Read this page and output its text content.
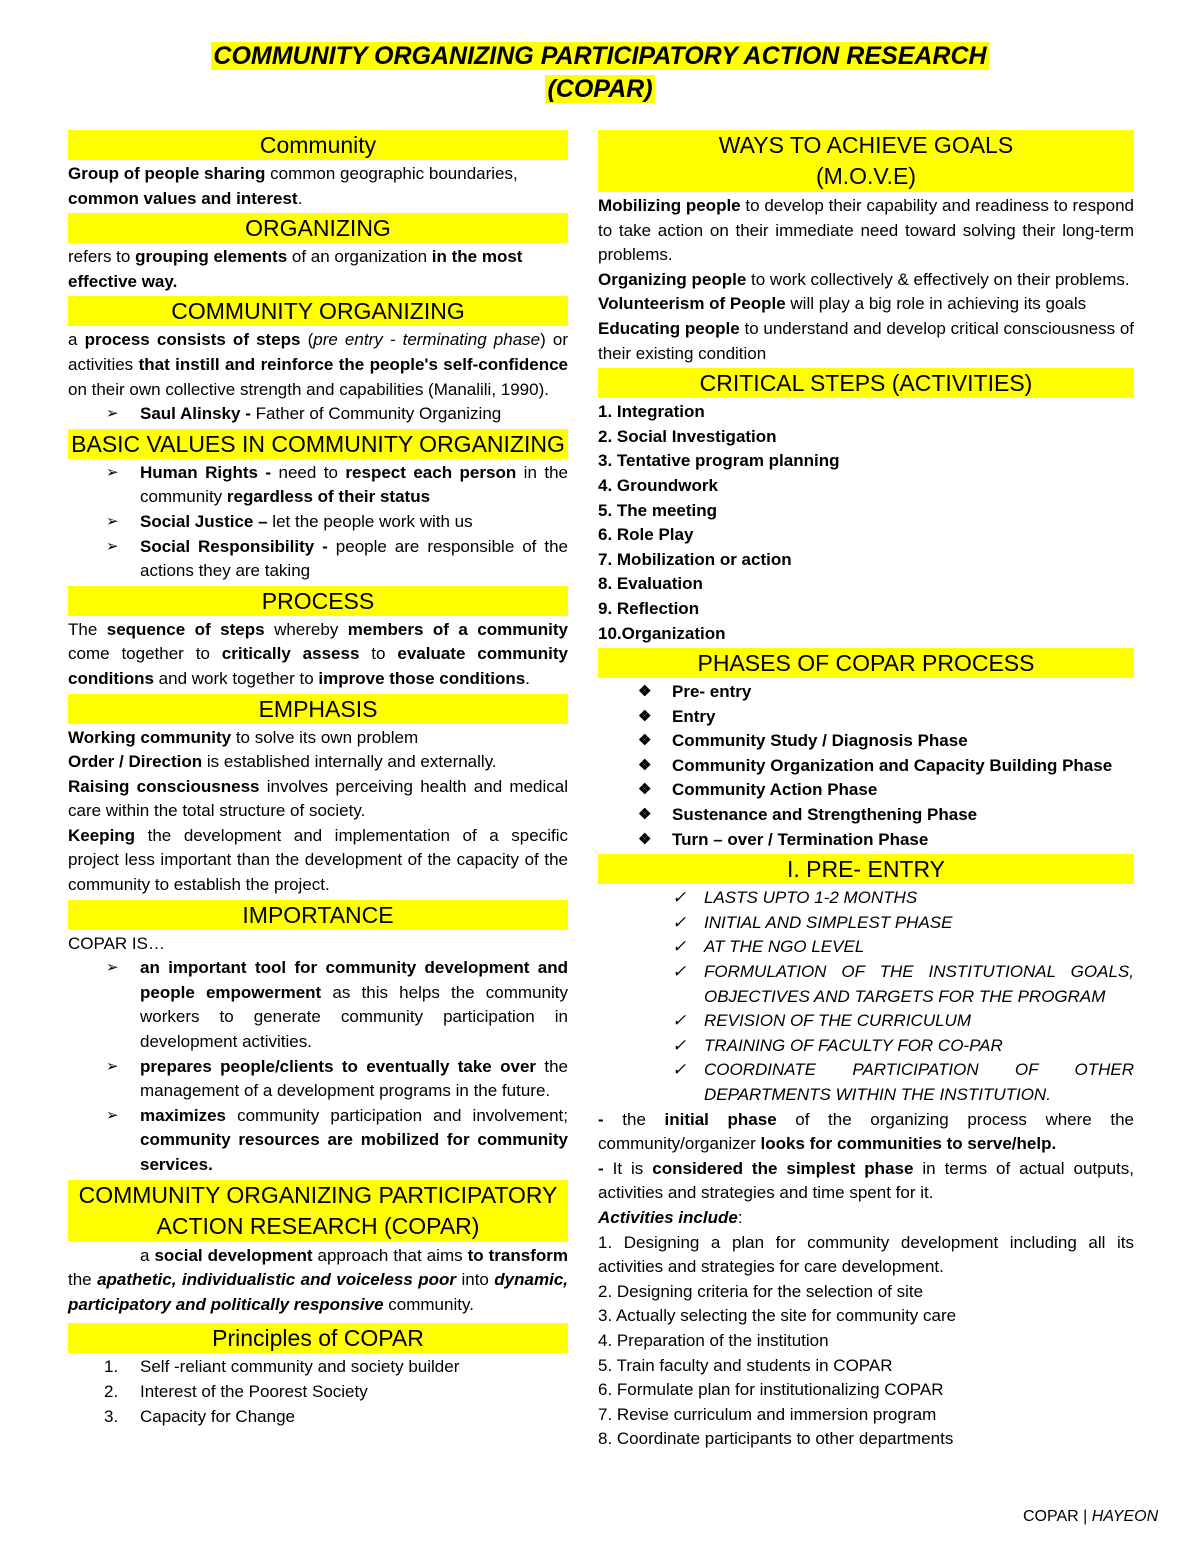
COMMUNITY ORGANIZING PARTICIPATORY ACTION RESEARCH
(COPAR)
Community

Group of people sharing common geographic boundaries, common values and interest.

ORGANIZING

refers to grouping elements of an organization in the most effective way.

COMMUNITY ORGANIZING

a process consists of steps (pre entry - terminating phase) or activities that instill and reinforce the people's self-confidence on their own collective strength and capabilities (Manalili, 1990).

➢ Saul Alinsky - Father of Community Organizing
BASIC VALUES IN COMMUNITY ORGANIZING
➢ Human Rights - need to respect each person in the community regardless of their status
➢ Social Justice – let the people work with us
➢ Social Responsibility - people are responsible of the actions they are taking
PROCESS

The sequence of steps whereby members of a community come together to critically assess to evaluate community conditions and work together to improve those conditions.

EMPHASIS

Working community to solve its own problem

Order / Direction is established internally and externally.

Raising consciousness involves perceiving health and medical care within the total structure of society.

Keeping the development and implementation of a specific project less important than the development of the capacity of the community to establish the project.

IMPORTANCE

COPAR IS…

➢ an important tool for community development and people empowerment as this helps the community workers to generate community participation in development activities.
➢ prepares people/clients to eventually take over the management of a development programs in the future.
➢ maximizes community participation and involvement; community resources are mobilized for community services.
COMMUNITY ORGANIZING PARTICIPATORY ACTION RESEARCH (COPAR)

a social development approach that aims to transform the apathetic, individualistic and voiceless poor into dynamic, participatory and politically responsive community.

Principles of COPAR
1. Self -reliant community and society builder
2. Interest of the Poorest Society
3. Capacity for Change
WAYS TO ACHIEVE GOALS
(M.O.V.E)

Mobilizing people to develop their capability and readiness to respond to take action on their immediate need toward solving their long-term problems.

Organizing people to work collectively & effectively on their problems.

Volunteerism of People will play a big role in achieving its goals

Educating people to understand and develop critical consciousness of their existing condition

CRITICAL STEPS (ACTIVITIES)
1. Integration
2. Social Investigation
3. Tentative program planning
4. Groundwork
5. The meeting
6. Role Play
7. Mobilization or action
8. Evaluation
9. Reflection
10.Organization
PHASES OF COPAR PROCESS
❖ Pre- entry
❖ Entry
❖ Community Study / Diagnosis Phase
❖ Community Organization and Capacity Building Phase
❖ Community Action Phase
❖ Sustenance and Strengthening Phase
❖ Turn – over / Termination Phase
I. PRE- ENTRY
✓ LASTS UPTO 1-2 MONTHS
✓ INITIAL AND SIMPLEST PHASE
✓ AT THE NGO LEVEL
✓ FORMULATION OF THE INSTITUTIONAL GOALS, OBJECTIVES AND TARGETS FOR THE PROGRAM
✓ REVISION OF THE CURRICULUM
✓ TRAINING OF FACULTY FOR CO-PAR
✓ COORDINATE PARTICIPATION OF OTHER DEPARTMENTS WITHIN THE INSTITUTION.

- the initial phase of the organizing process where the community/organizer looks for communities to serve/help.

- It is considered the simplest phase in terms of actual outputs, activities and strategies and time spent for it.

Activities include:

1. Designing a plan for community development including all its activities and strategies for care development.

2. Designing criteria for the selection of site

3. Actually selecting the site for community care

4. Preparation of the institution

5. Train faculty and students in COPAR

6. Formulate plan for institutionalizing COPAR

7. Revise curriculum and immersion program

8. Coordinate participants to other departments

COPAR | HAYEON
